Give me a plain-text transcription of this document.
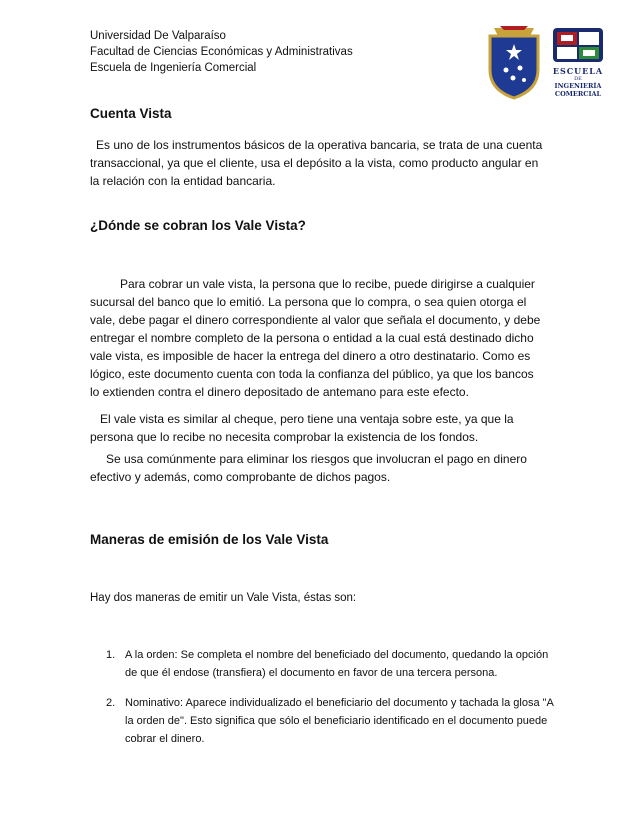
Universidad De Valparaíso
Facultad de Ciencias Económicas y Administrativas
Escuela de Ingeniería Comercial	ESCUELA
DE
INGENIERÍA
COMERCIAL
Cuenta Vista
Es uno de los instrumentos básicos de la operativa bancaria, se trata de una cuenta transaccional, ya que el cliente, usa el depósito a la vista, como producto angular en la relación con la entidad bancaria.
¿Dónde se cobran los Vale Vista?
Para cobrar un vale vista, la persona que lo recibe, puede dirigirse a cualquier sucursal del banco que lo emitió. La persona que lo compra, o sea quien otorga el vale, debe pagar el dinero correspondiente al valor que señala el documento, y debe entregar el nombre completo de la persona o entidad a la cual está destinado dicho vale vista, es imposible de hacer la entrega del dinero a otro destinatario. Como es lógico, este documento cuenta con toda la confianza del público, ya que los bancos lo extienden contra el dinero depositado de antemano para este efecto.
El vale vista es similar al cheque, pero tiene una ventaja sobre este, ya que la persona que lo recibe no necesita comprobar la existencia de los fondos.
Se usa comúnmente para eliminar los riesgos que involucran el pago en dinero efectivo y además, como comprobante de dichos pagos.
Maneras de emisión de los Vale Vista
Hay dos maneras de emitir un Vale Vista, éstas son:
1. A la orden: Se completa el nombre del beneficiado del documento, quedando la opción de que él endose (transfiera) el documento en favor de una tercera persona.
2. Nominativo: Aparece individualizado el beneficiario del documento y tachada la glosa "A la orden de". Esto significa que sólo el beneficiario identificado en el documento puede cobrar el dinero.
